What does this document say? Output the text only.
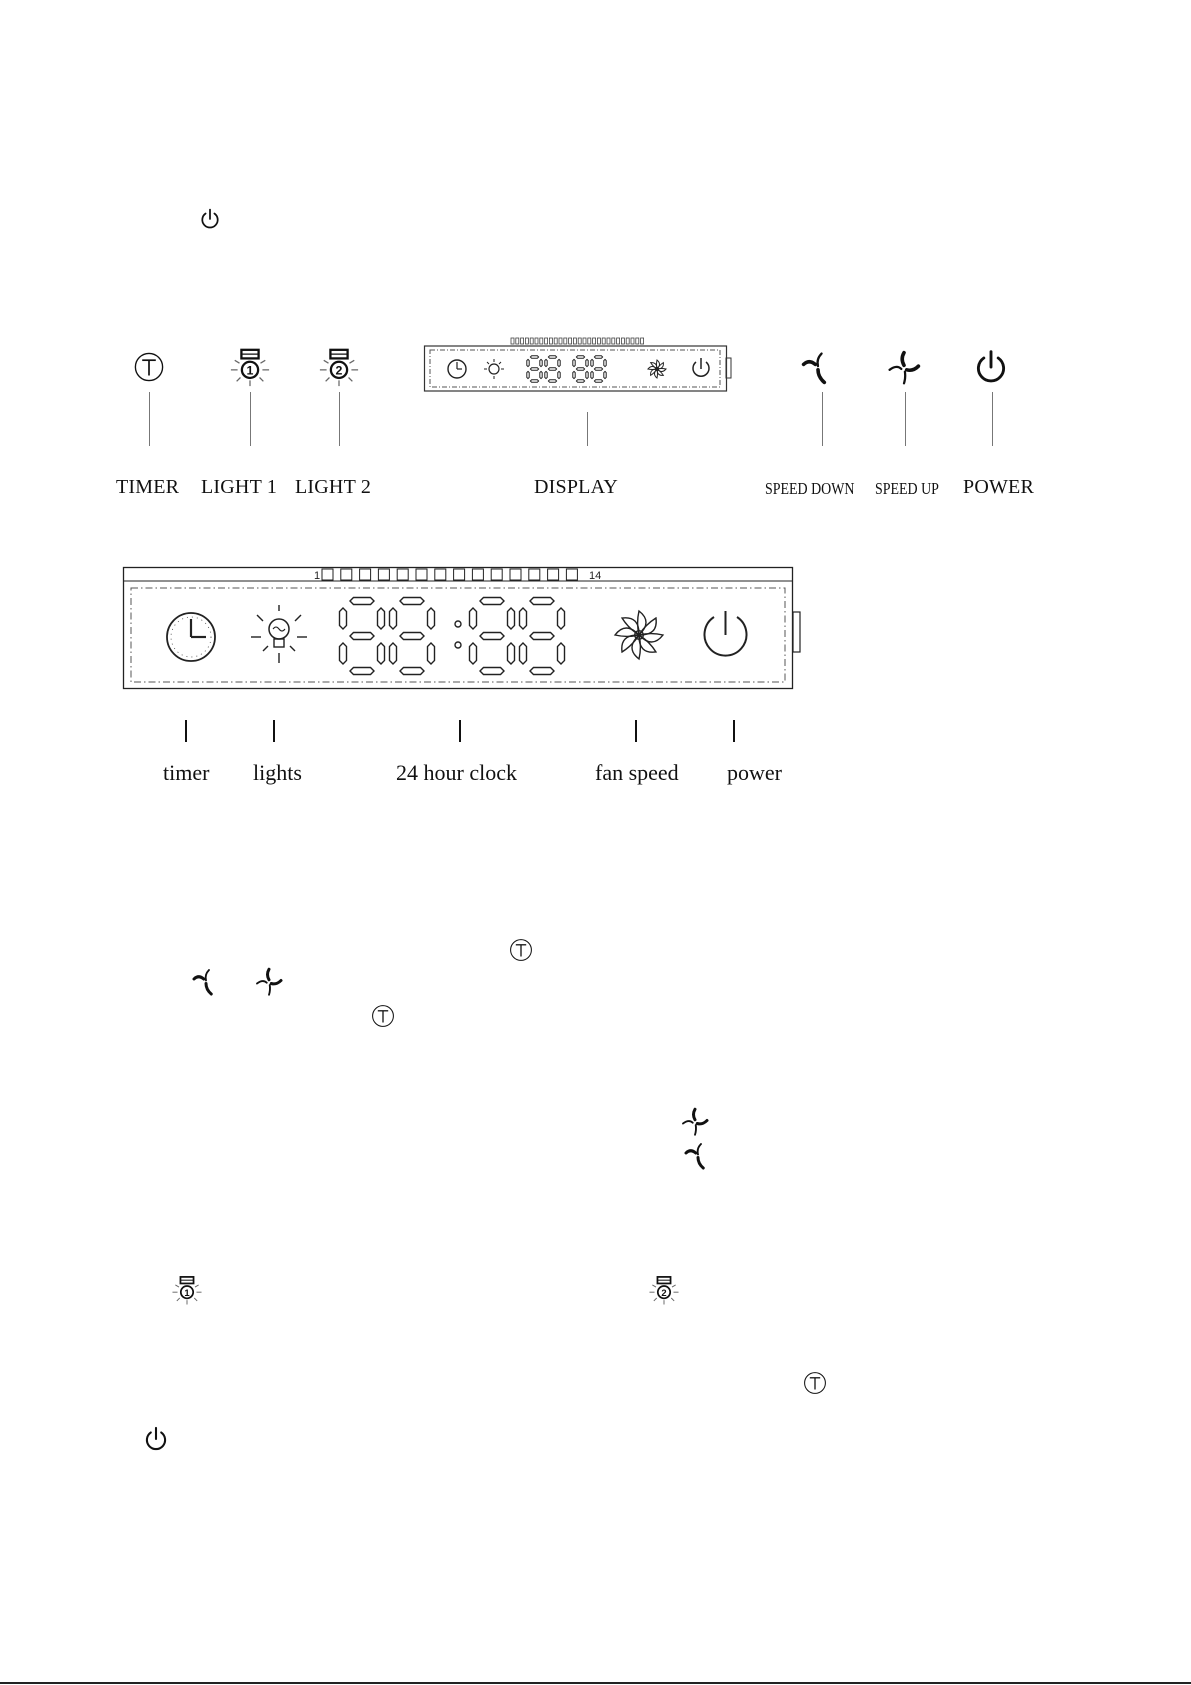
1	2
TIMER LIGHT 1 LIGHT 2	DISPLAY	SPEED DOWN SPEED UP POWER
1	14
timer lights	24 hour clock	fan speed power
1	2
